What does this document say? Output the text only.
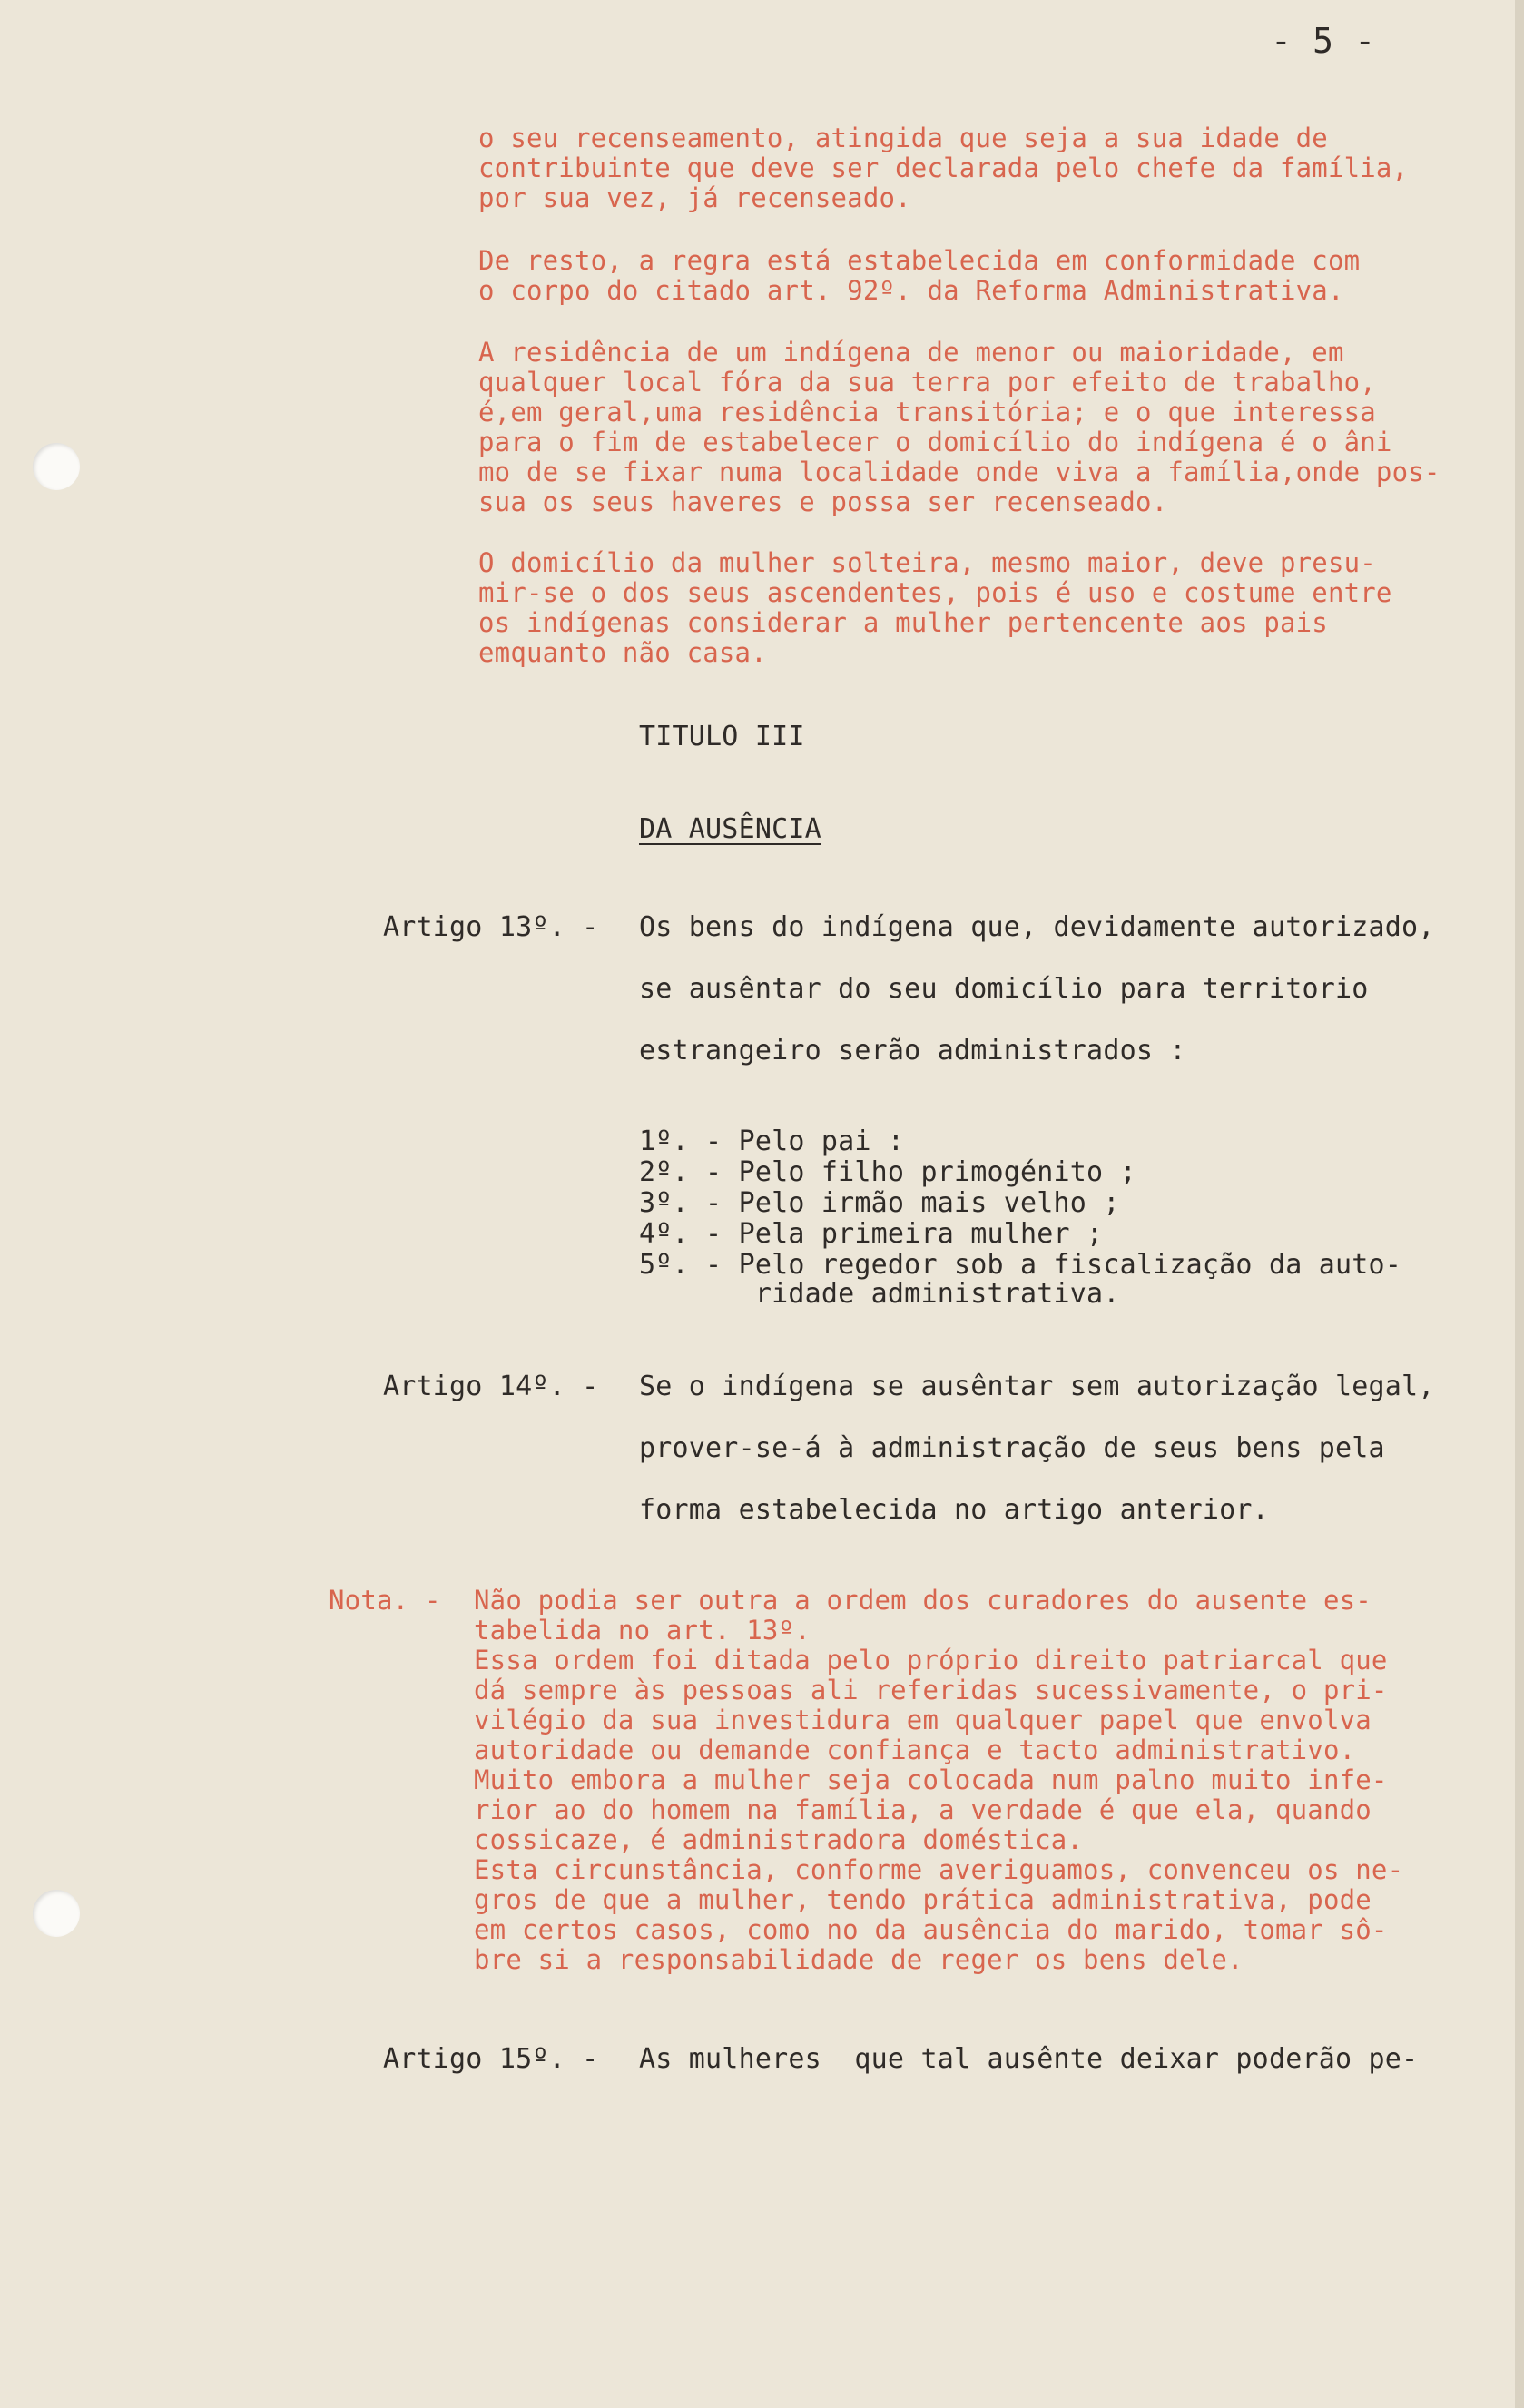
- 5 -

o seu recenseamento, atingida que seja a sua idade de

contribuinte que deve ser declarada pelo chefe da família,

por sua vez, já recenseado.

De resto, a regra está estabelecida em conformidade com

o corpo do citado art. 92º. da Reforma Administrativa.

A residência de um indígena de menor ou maioridade, em

qualquer local fóra da sua terra por efeito de trabalho,

é,em geral,uma residência transitória; e o que interessa

para o fim de estabelecer o domicílio do indígena é o âni

mo de se fixar numa localidade onde viva a família,onde pos-

sua os seus haveres e possa ser recenseado.

O domicílio da mulher solteira, mesmo maior, deve presu-

mir-se o dos seus ascendentes, pois é uso e costume entre

os indígenas considerar a mulher pertencente aos pais

emquanto não casa.

TITULO III

DA AUSÊNCIA

Artigo 13º. - Os bens do indígena que, devidamente autorizado,

se ausêntar do seu domicílio para territorio

estrangeiro serão administrados :

1º. - Pelo pai :

2º. - Pelo filho primogénito ;

3º. - Pelo irmão mais velho ;

4º. - Pela primeira mulher ;

5º. - Pelo regedor sob a fiscalização da auto-

ridade administrativa.

Artigo 14º. - Se o indígena se ausêntar sem autorização legal,

prover-se-á à administração de seus bens pela

forma estabelecida no artigo anterior.

Nota. - Não podia ser outra a ordem dos curadores do ausente es-

tabelida no art. 13º.

Essa ordem foi ditada pelo próprio direito patriarcal que

dá sempre às pessoas ali referidas sucessivamente, o pri-

vilégio da sua investidura em qualquer papel que envolva

autoridade ou demande confiança e tacto administrativo.

Muito embora a mulher seja colocada num palno muito infe-

rior ao do homem na família, a verdade é que ela, quando

cossicaze, é administradora doméstica.

Esta circunstância, conforme averiguamos, convenceu os ne-

gros de que a mulher, tendo prática administrativa, pode

em certos casos, como no da ausência do marido, tomar sô-

bre si a responsabilidade de reger os bens dele.

Artigo 15º. - As mulheres  que tal ausênte deixar poderão pe-
